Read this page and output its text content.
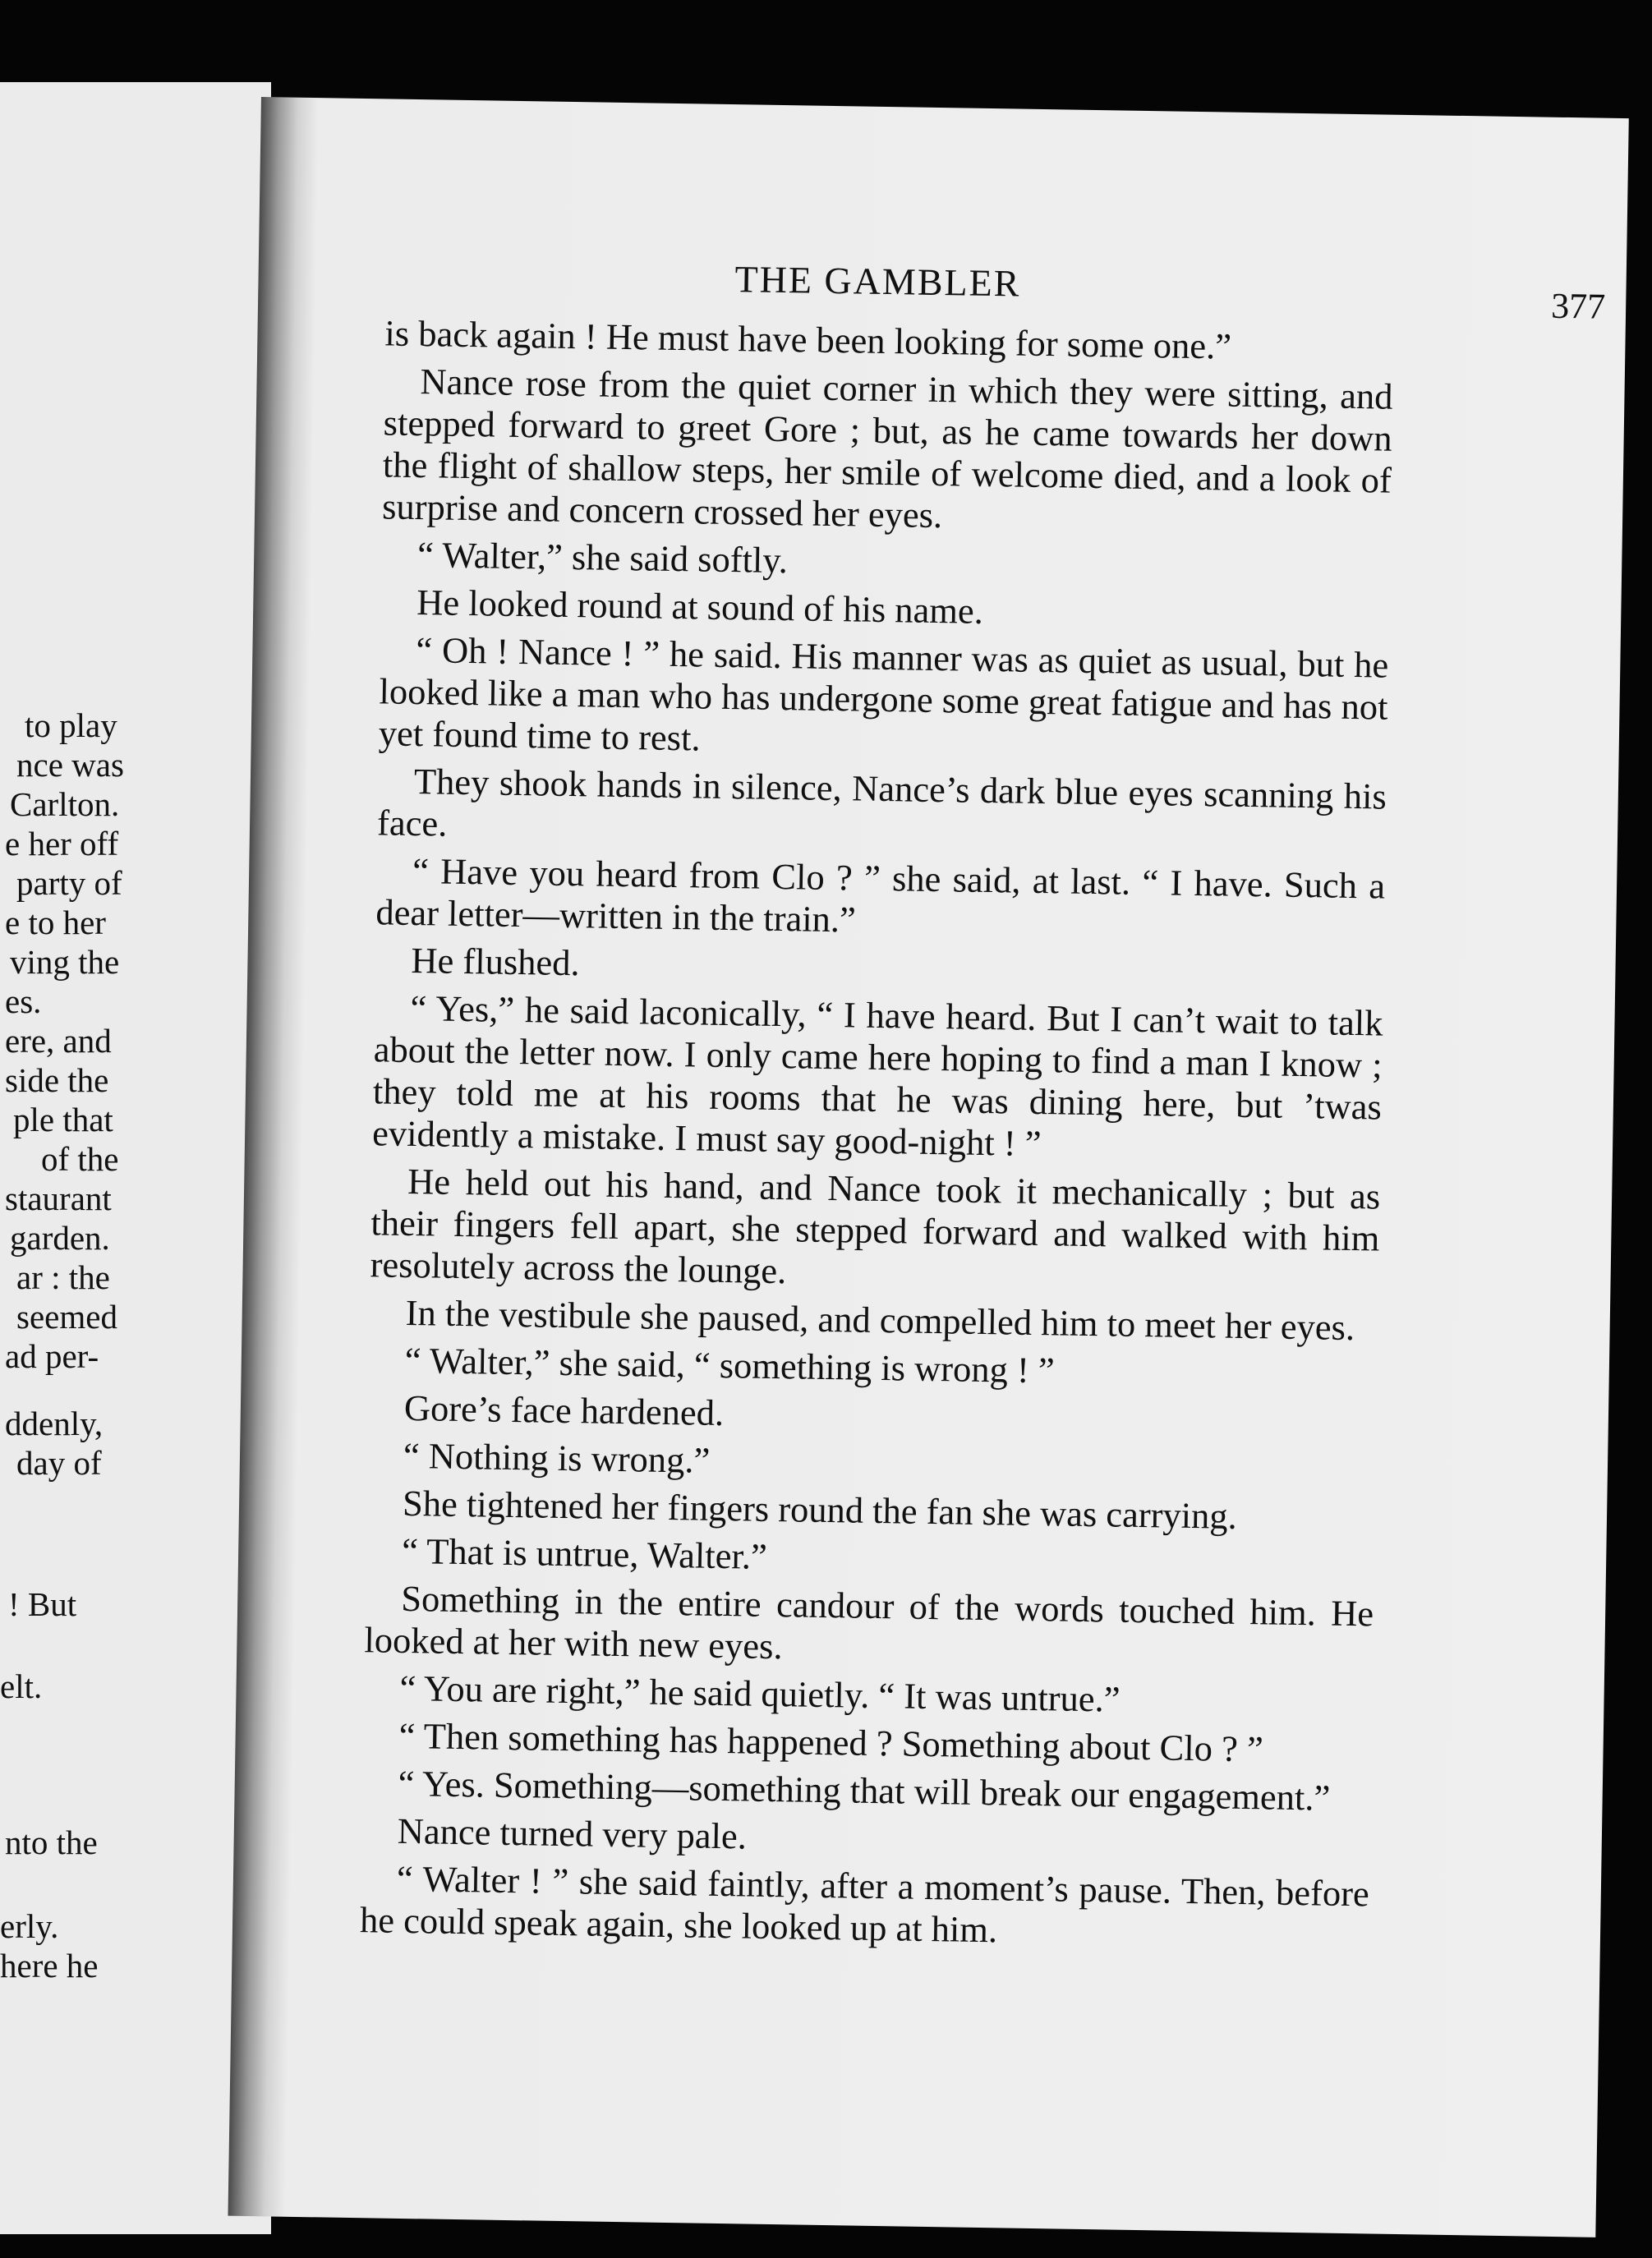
to play
nce was
Carlton.
e her off
party of
e to her
ving the
es.
ere, and
side the
ple that
of the
staurant
garden.
ar : the
seemed
ad per-
ddenly,
day of
! But
elt.
nto the
erly.
here he
THE GAMBLER
377

is back again ! He must have been looking for some one.”

Nance rose from the quiet corner in which they were sitting, and stepped forward to greet Gore ; but, as he came towards her down the flight of shallow steps, her smile of welcome died, and a look of surprise and concern crossed her eyes.

“ Walter,” she said softly.

He looked round at sound of his name.

“ Oh ! Nance ! ” he said. His manner was as quiet as usual, but he looked like a man who has undergone some great fatigue and has not yet found time to rest.

They shook hands in silence, Nance’s dark blue eyes scanning his face.

“ Have you heard from Clo ? ” she said, at last. “ I have. Such a dear letter—written in the train.”

He flushed.

“ Yes,” he said laconically, “ I have heard. But I can’t wait to talk about the letter now. I only came here hoping to find a man I know ; they told me at his rooms that he was dining here, but ’twas evidently a mistake. I must say good-night ! ”

He held out his hand, and Nance took it mechanically ; but as their fingers fell apart, she stepped forward and walked with him resolutely across the lounge.

In the vestibule she paused, and compelled him to meet her eyes.

“ Walter,” she said, “ something is wrong ! ”

Gore’s face hardened.

“ Nothing is wrong.”

She tightened her fingers round the fan she was carrying.

“ That is untrue, Walter.”

Something in the entire candour of the words touched him. He looked at her with new eyes.

“ You are right,” he said quietly. “ It was untrue.”

“ Then something has happened ? Something about Clo ? ”

“ Yes. Something—something that will break our engagement.”

Nance turned very pale.

“ Walter ! ” she said faintly, after a moment’s pause. Then, before he could speak again, she looked up at him.
